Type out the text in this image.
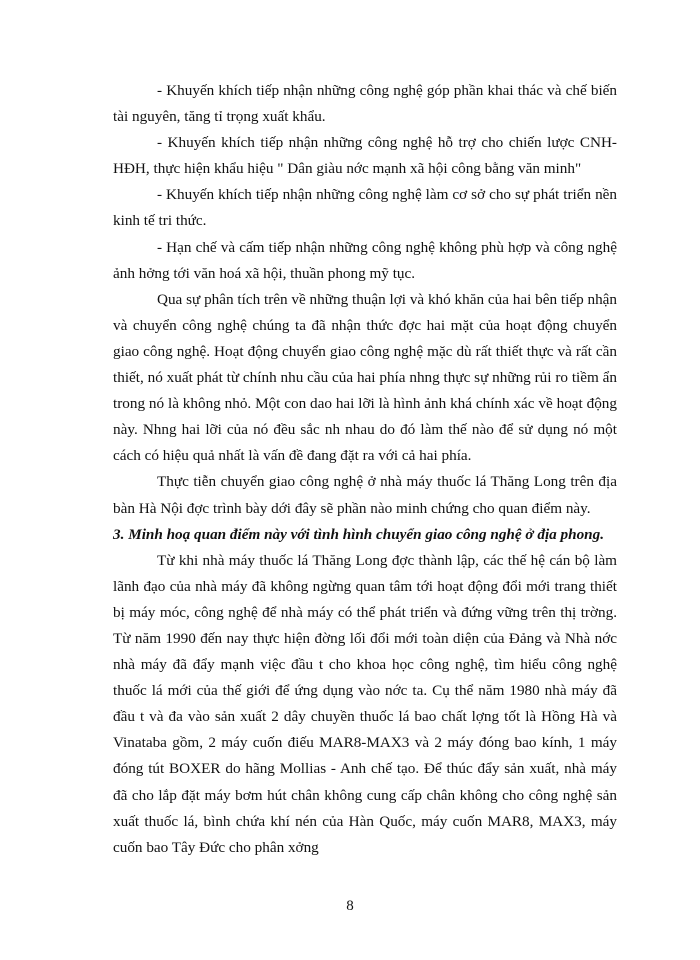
- Khuyến khích tiếp nhận những công nghệ góp phần khai thác và chế biến tài nguyên, tăng tỉ trọng xuất khẩu.

- Khuyến khích tiếp nhận những công nghệ hỗ trợ cho chiến lược CNH-HĐH, thực hiện khẩu hiệu " Dân giàu nớc mạnh xã hội công bằng văn minh"

- Khuyến khích tiếp nhận những công nghệ làm cơ sở cho sự phát triển nền kinh tế tri thức.

- Hạn chế và cấm tiếp nhận những công nghệ không phù hợp và công nghệ ảnh hởng tới văn hoá xã hội, thuần phong mỹ tục.

Qua sự phân tích trên về những thuận lợi và khó khăn của hai bên tiếp nhận và chuyển công nghệ chúng ta đã nhận thức đợc hai mặt của hoạt động chuyển giao công nghệ. Hoạt động chuyển giao công nghệ mặc dù rất thiết thực và rất cần thiết, nó xuất phát từ chính nhu cầu của hai phía nhng thực sự những rủi ro tiềm ẩn trong nó là không nhỏ. Một con dao hai lỡi là hình ảnh khá chính xác về hoạt động này. Nhng hai lỡi của nó đều sắc nh nhau do đó làm thế nào để sử dụng nó một cách có hiệu quả nhất là vấn đề đang đặt ra với cả hai phía.

Thực tiễn chuyển giao công nghệ ở nhà máy thuốc lá Thăng Long trên địa bàn Hà Nội đợc trình bày dới đây sẽ phần nào minh chứng cho quan điểm này.

3. Minh hoạ quan điểm này với tình hình chuyển giao công nghệ ở địa phong.

Từ khi nhà máy thuốc lá Thăng Long đợc thành lập, các thế hệ cán bộ làm lãnh đạo của nhà máy đã không ngừng quan tâm tới hoạt động đổi mới trang thiết bị máy móc, công nghệ để nhà máy có thể phát triển và đứng vững trên thị trờng. Từ năm 1990 đến nay thực hiện đờng lối đổi mới toàn diện của Đảng và Nhà nớc nhà máy đã đẩy mạnh việc đầu t cho khoa học công nghệ, tìm hiểu công nghệ thuốc lá mới của thế giới để ứng dụng vào nớc ta. Cụ thể năm 1980 nhà máy đã đầu t và đa vào sản xuất 2 dây chuyền thuốc lá bao chất lợng tốt là Hồng Hà và Vinataba gồm, 2 máy cuốn điếu MAR8-MAX3 và 2 máy đóng bao kính, 1 máy đóng tút BOXER do hãng Mollias - Anh chế tạo. Để thúc đẩy sản xuất, nhà máy đã cho lắp đặt máy bơm hút chân không cung cấp chân không cho công nghệ sản xuất thuốc lá, bình chứa khí nén của Hàn Quốc, máy cuốn MAR8, MAX3, máy cuốn bao Tây Đức cho phân xởng

8
